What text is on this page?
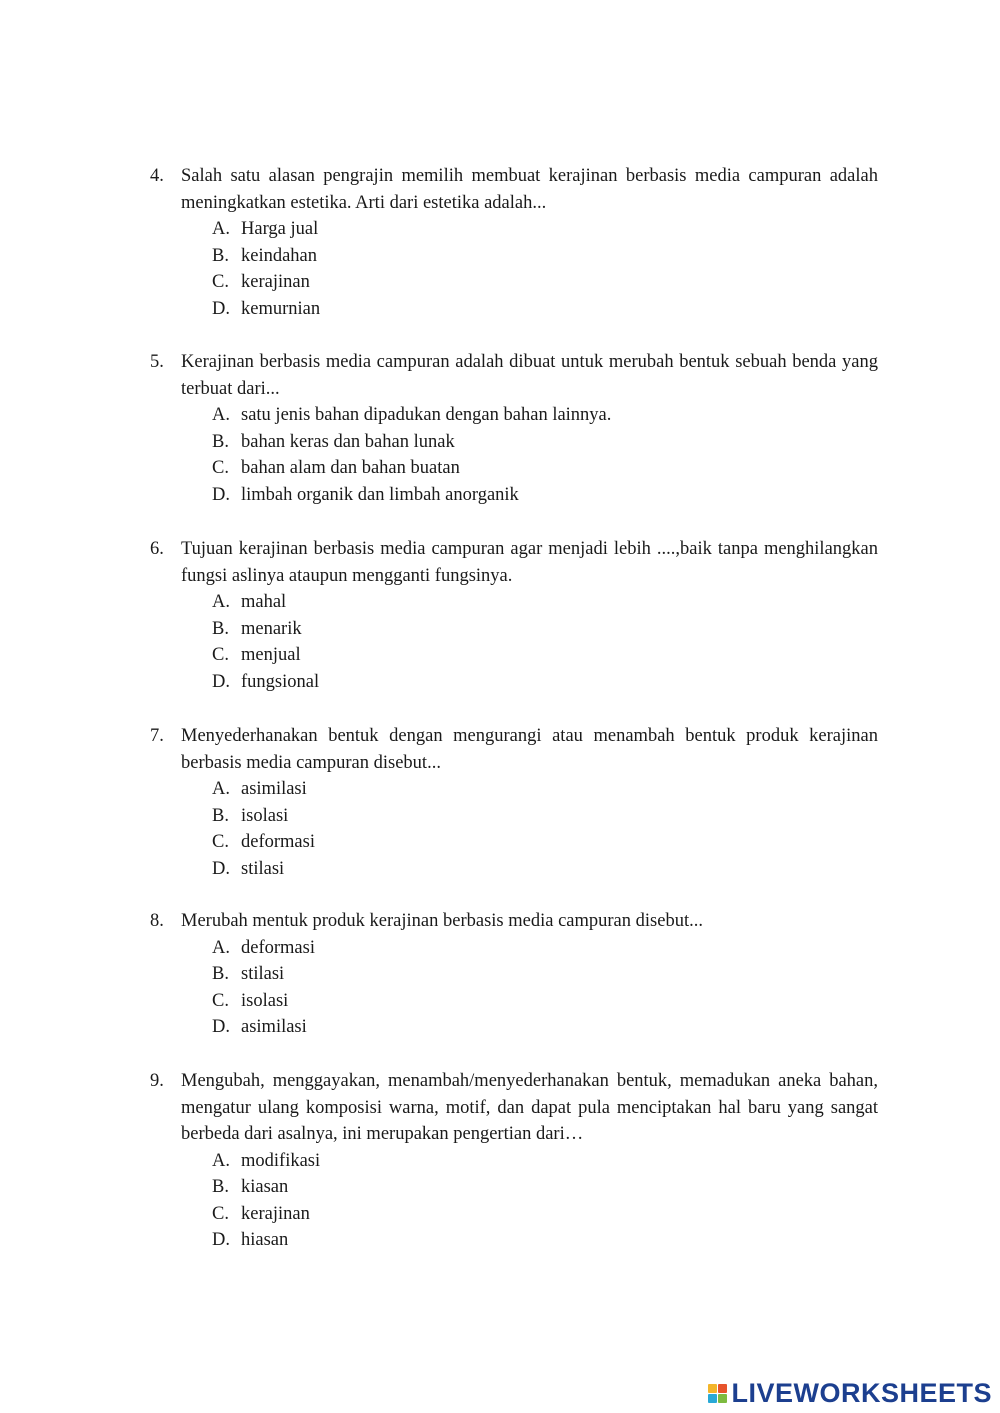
4. Salah satu alasan pengrajin memilih membuat kerajinan berbasis media campuran adalah meningkatkan estetika. Arti dari estetika adalah...
A. Harga jual
B. keindahan
C. kerajinan
D. kemurnian
5. Kerajinan berbasis media campuran adalah dibuat untuk merubah bentuk sebuah benda yang terbuat dari...
A. satu jenis bahan dipadukan dengan bahan lainnya.
B. bahan keras dan bahan lunak
C. bahan alam dan bahan buatan
D. limbah organik dan limbah anorganik
6. Tujuan kerajinan berbasis media campuran agar menjadi lebih ....,baik tanpa menghilangkan fungsi aslinya ataupun mengganti fungsinya.
A. mahal
B. menarik
C. menjual
D. fungsional
7. Menyederhanakan bentuk dengan mengurangi atau menambah bentuk produk kerajinan berbasis media campuran disebut...
A. asimilasi
B. isolasi
C. deformasi
D. stilasi
8. Merubah mentuk produk kerajinan berbasis media campuran disebut...
A. deformasi
B. stilasi
C. isolasi
D. asimilasi
9. Mengubah, menggayakan, menambah/menyederhanakan bentuk, memadukan aneka bahan, mengatur ulang komposisi warna, motif, dan dapat pula menciptakan hal baru yang sangat berbeda dari asalnya, ini merupakan pengertian dari…
A. modifikasi
B. kiasan
C. kerajinan
D. hiasan
LIVEWORKSHEETS
